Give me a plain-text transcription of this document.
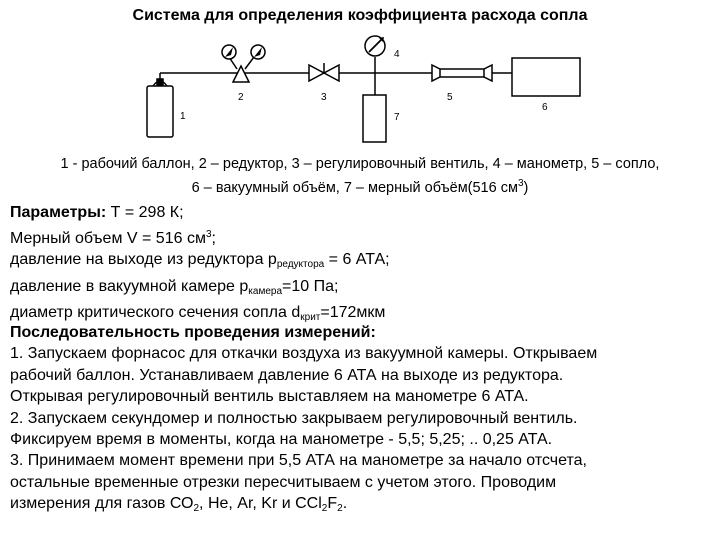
Система для определения коэффициента расхода сопла
1
2	3
4
5
6
7
1 - рабочий баллон, 2 – редуктор, 3 – регулировочный вентиль, 4 – манометр, 5 – сопло,
6 – вакуумный объём, 7 – мерный объём(516 $см^3$)
Параметры: Т = 298 К;
Мерный объем V = 516 $см^3$;
давление на выходе из редуктора $р_{редуктора} = 6$ АТА;
давление в вакуумной камере $р_{камера}=10$ Па;
диаметр критического сечения сопла $d_{крит}=172мкм$
Последовательность проведения измерений:
1. Запускаем форнасос для откачки воздуха из вакуумной камеры. Открываем
рабочий баллон. Устанавливаем давление 6 АТА на выходе из редуктора.
Открывая регулировочный вентиль выставляем на манометре 6 АТА.
2. Запускаем секундомер и полностью закрываем регулировочный вентиль.
Фиксируем время в моменты, когда на манометре - 5,5; 5,25; .. 0,25 АТА.
3. Принимаем момент времени при 5,5 АТА на манометре за начало отсчета,
остальные временные отрезки пересчитываем с учетом этого. Проводим
измерения для газов $СО_2$, Не, Ar, Kr и $CCl_2F_2$.
